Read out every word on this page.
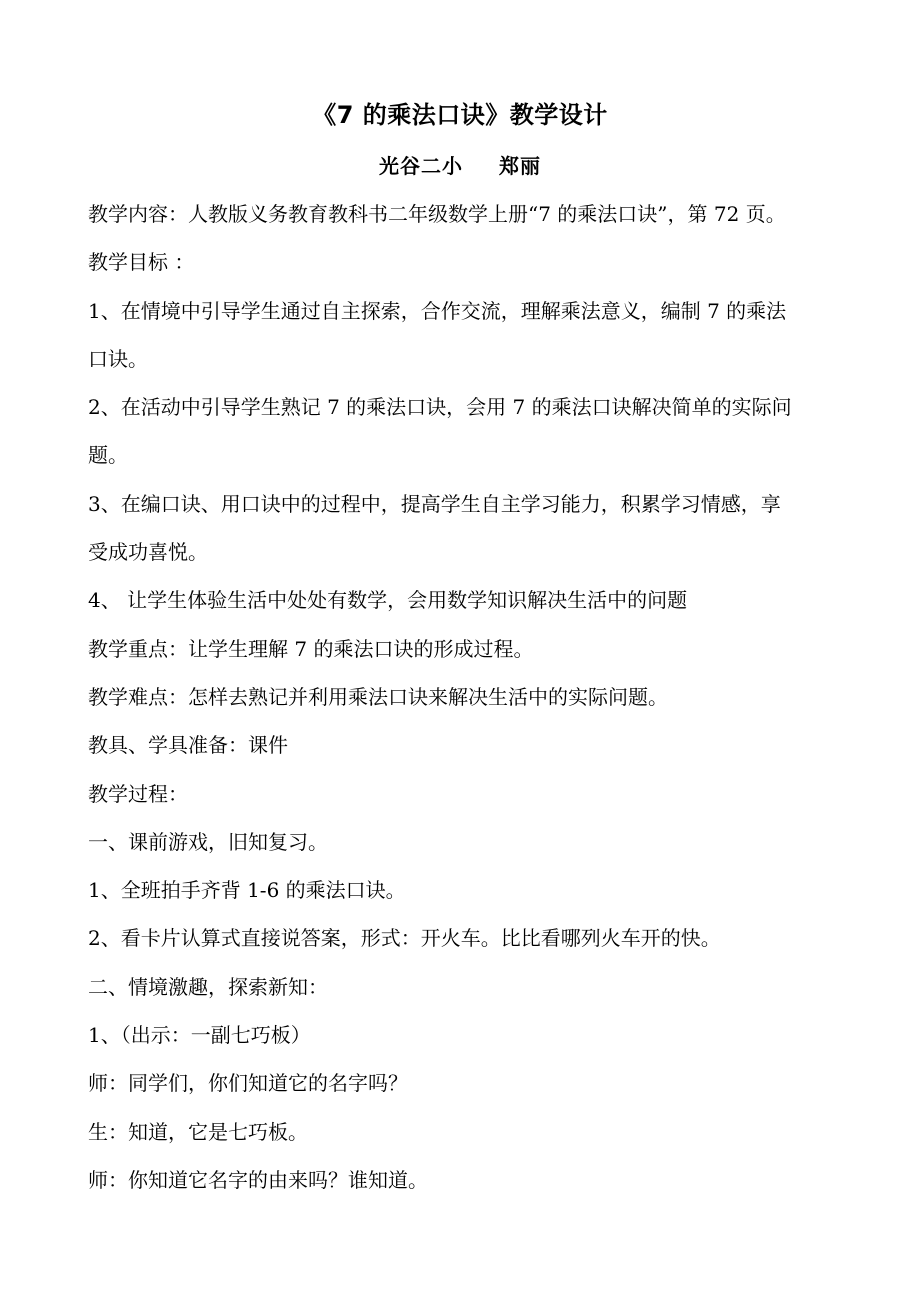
《7 的乘法口诀》教学设计
光谷二小 郑丽
教学内容：人教版义务教育教科书二年级数学上册“7 的乘法口诀”，第 72 页。
教学目标 ：
1、在情境中引导学生通过自主探索，合作交流，理解乘法意义，编制 7 的乘法
口诀。
2、在活动中引导学生熟记 7 的乘法口诀，会用 7 的乘法口诀解决简单的实际问
题。
3、在编口诀、用口诀中的过程中，提高学生自主学习能力，积累学习情感，享
受成功喜悦。
4、 让学生体验生活中处处有数学，会用数学知识解决生活中的问题
教学重点：让学生理解 7 的乘法口诀的形成过程。
教学难点：怎样去熟记并利用乘法口诀来解决生活中的实际问题。
教具、学具准备：课件
教学过程：
一、课前游戏，旧知复习。
1、全班拍手齐背 1-6 的乘法口诀。
2、看卡片认算式直接说答案，形式：开火车。比比看哪列火车开的快。
二、情境激趣，探索新知：
1、（出示：一副七巧板）
师：同学们，你们知道它的名字吗？
生：知道，它是七巧板。
师：你知道它名字的由来吗？谁知道。
